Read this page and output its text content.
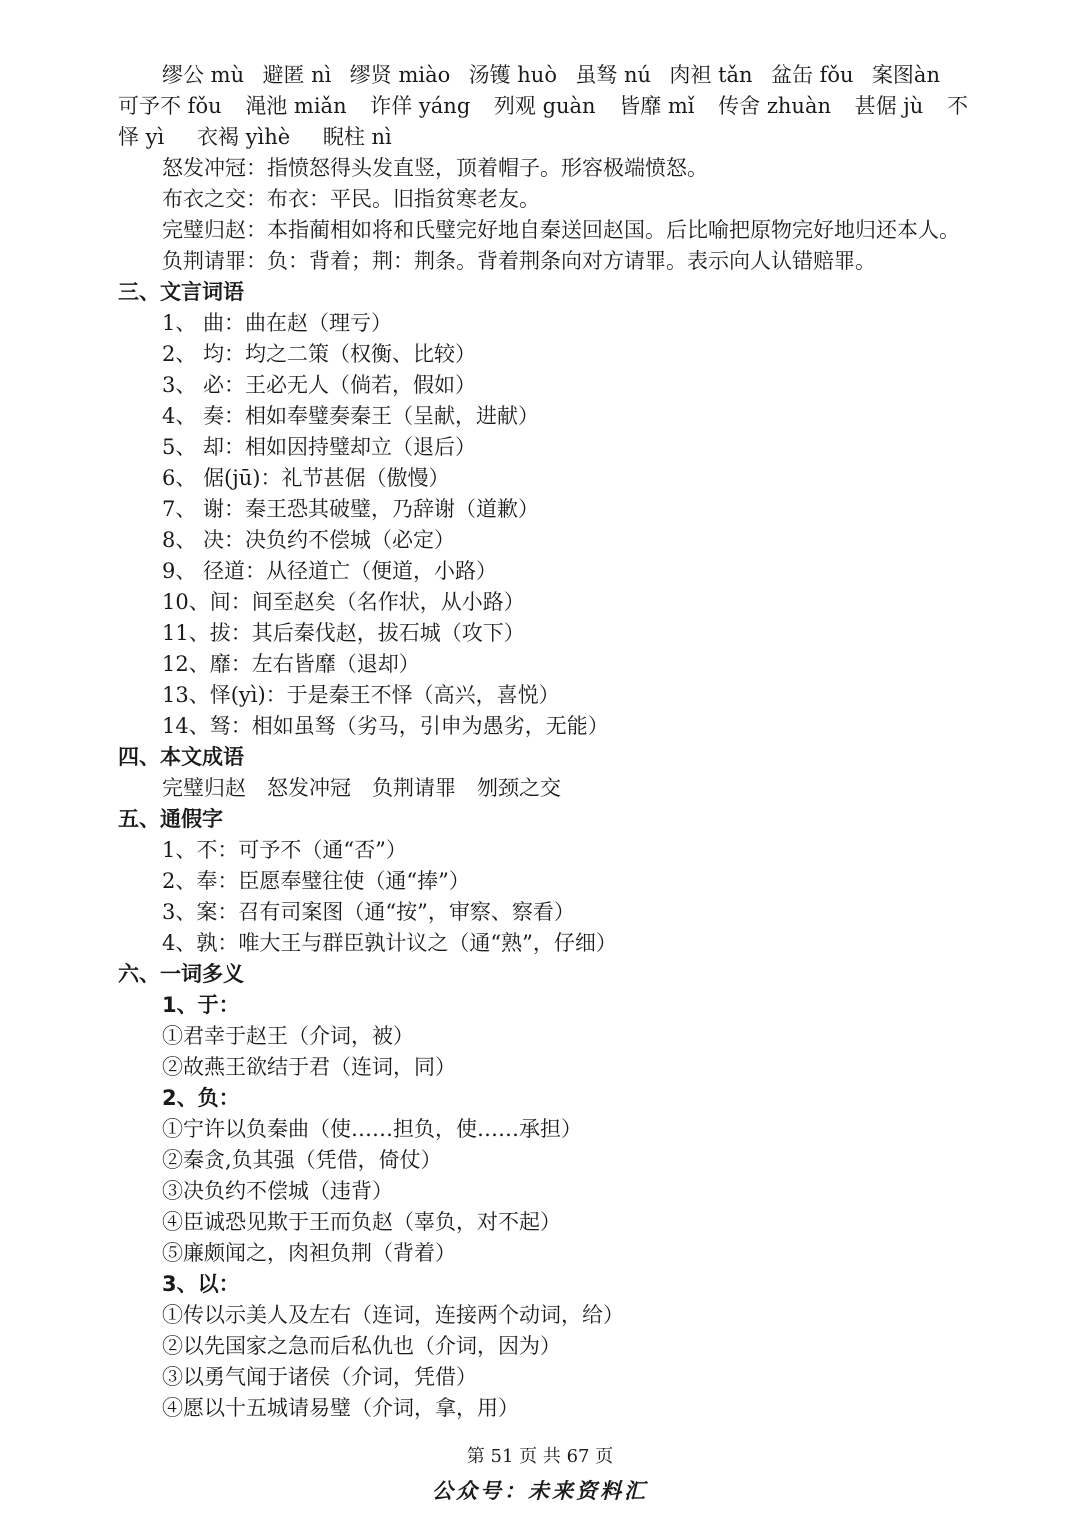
缪公 mù 避匿 nì 缪贤 miào 汤镬 huò 虽驽 nú 肉袒 tǎn 盆缶 fǒu 案图àn
可予不 fǒu 渑池 miǎn 诈佯 yáng 列观 guàn 皆靡 mǐ 传舍 zhuàn 甚倨 jù 不
怿 yì 衣褐 yìhè 睨柱 nì
怒发冲冠：指愤怒得头发直竖，顶着帽子。形容极端愤怒。
布衣之交：布衣：平民。旧指贫寒老友。
完璧归赵：本指蔺相如将和氏璧完好地自秦送回赵国。后比喻把原物完好地归还本人。
负荆请罪：负：背着；荆：荆条。背着荆条向对方请罪。表示向人认错赔罪。
三、文言词语
1、 曲：曲在赵（理亏）
2、 均：均之二策（权衡、比较）
3、 必：王必无人（倘若，假如）
4、 奏：相如奉璧奏秦王（呈献，进献）
5、 却：相如因持璧却立（退后）
6、 倨(jū)：礼节甚倨（傲慢）
7、 谢：秦王恐其破璧，乃辞谢（道歉）
8、 决：决负约不偿城（必定）
9、 径道：从径道亡（便道，小路）
10、间：间至赵矣（名作状，从小路）
11、拔：其后秦伐赵，拔石城（攻下）
12、靡：左右皆靡（退却）
13、怿(yì)：于是秦王不怿（高兴，喜悦）
14、驽：相如虽驽（劣马，引申为愚劣，无能）
四、本文成语
完璧归赵　怒发冲冠　负荆请罪　刎颈之交
五、通假字
1、不：可予不（通“否”）
2、奉：臣愿奉璧往使（通“捧”）
3、案：召有司案图（通“按”，审察、察看）
4、孰：唯大王与群臣孰计议之（通“熟”，仔细）
六、一词多义
1、于：
①君幸于赵王（介词，被）
②故燕王欲结于君（连词，同）
2、负：
①宁许以负秦曲（使……担负，使……承担）
②秦贪,负其强（凭借，倚仗）
③决负约不偿城（违背）
④臣诚恐见欺于王而负赵（辜负，对不起）
⑤廉颇闻之，肉袒负荆（背着）
3、以：
①传以示美人及左右（连词，连接两个动词，给）
②以先国家之急而后私仇也（介词，因为）
③以勇气闻于诸侯（介词，凭借）
④愿以十五城请易璧（介词，拿，用）
第 51 页 共 67 页
公众号：未来资料汇
